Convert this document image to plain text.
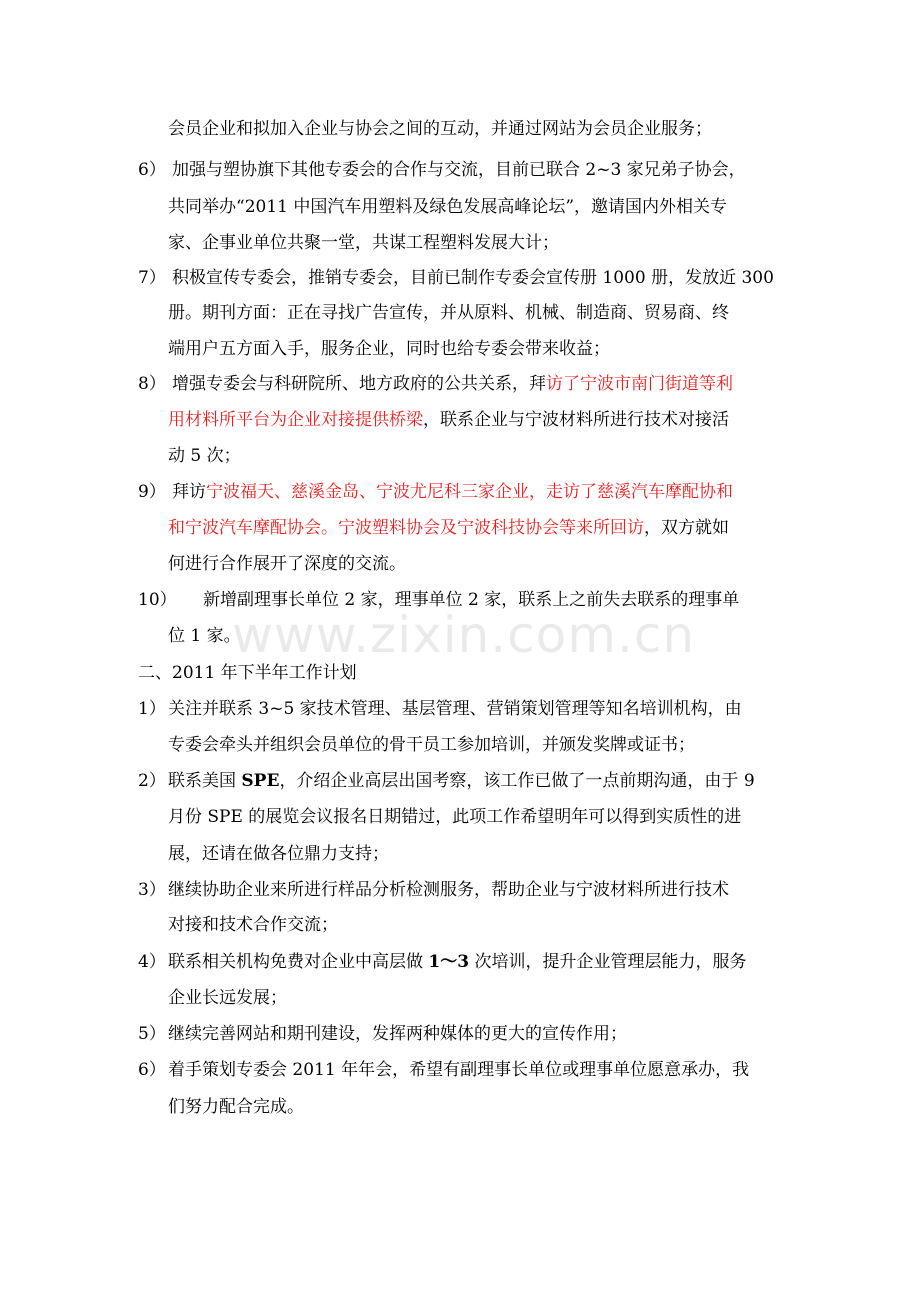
www.zixin.com.cn
会员企业和拟加入企业与协会之间的互动，并通过网站为会员企业服务；
6） 加强与塑协旗下其他专委会的合作与交流，目前已联合 2~3 家兄弟子协会，
共同举办“2011 中国汽车用塑料及绿色发展高峰论坛”，邀请国内外相关专
家、企事业单位共聚一堂，共谋工程塑料发展大计；
7） 积极宣传专委会，推销专委会，目前已制作专委会宣传册 1000 册，发放近 300
册。期刊方面：正在寻找广告宣传，并从原料、机械、制造商、贸易商、终
端用户五方面入手，服务企业，同时也给专委会带来收益；
8） 增强专委会与科研院所、地方政府的公共关系，拜访了宁波市南门街道等利
用材料所平台为企业对接提供桥梁，联系企业与宁波材料所进行技术对接活
动 5 次；
9） 拜访宁波福天、慈溪金岛、宁波尤尼科三家企业，走访了慈溪汽车摩配协和
和宁波汽车摩配协会。宁波塑料协会及宁波科技协会等来所回访，双方就如
何进行合作展开了深度的交流。
10） 新增副理事长单位 2 家，理事单位 2 家，联系上之前失去联系的理事单
位 1 家。
二、2011 年下半年工作计划
1） 关注并联系 3~5 家技术管理、基层管理、营销策划管理等知名培训机构，由
专委会牵头并组织会员单位的骨干员工参加培训，并颁发奖牌或证书；
2） 联系美国 SPE，介绍企业高层出国考察，该工作已做了一点前期沟通，由于 9
月份 SPE 的展览会议报名日期错过，此项工作希望明年可以得到实质性的进
展，还请在做各位鼎力支持；
3） 继续协助企业来所进行样品分析检测服务，帮助企业与宁波材料所进行技术
对接和技术合作交流；
4） 联系相关机构免费对企业中高层做 1～3 次培训，提升企业管理层能力，服务
企业长远发展；
5） 继续完善网站和期刊建设，发挥两种媒体的更大的宣传作用；
6） 着手策划专委会 2011 年年会，希望有副理事长单位或理事单位愿意承办，我
们努力配合完成。
